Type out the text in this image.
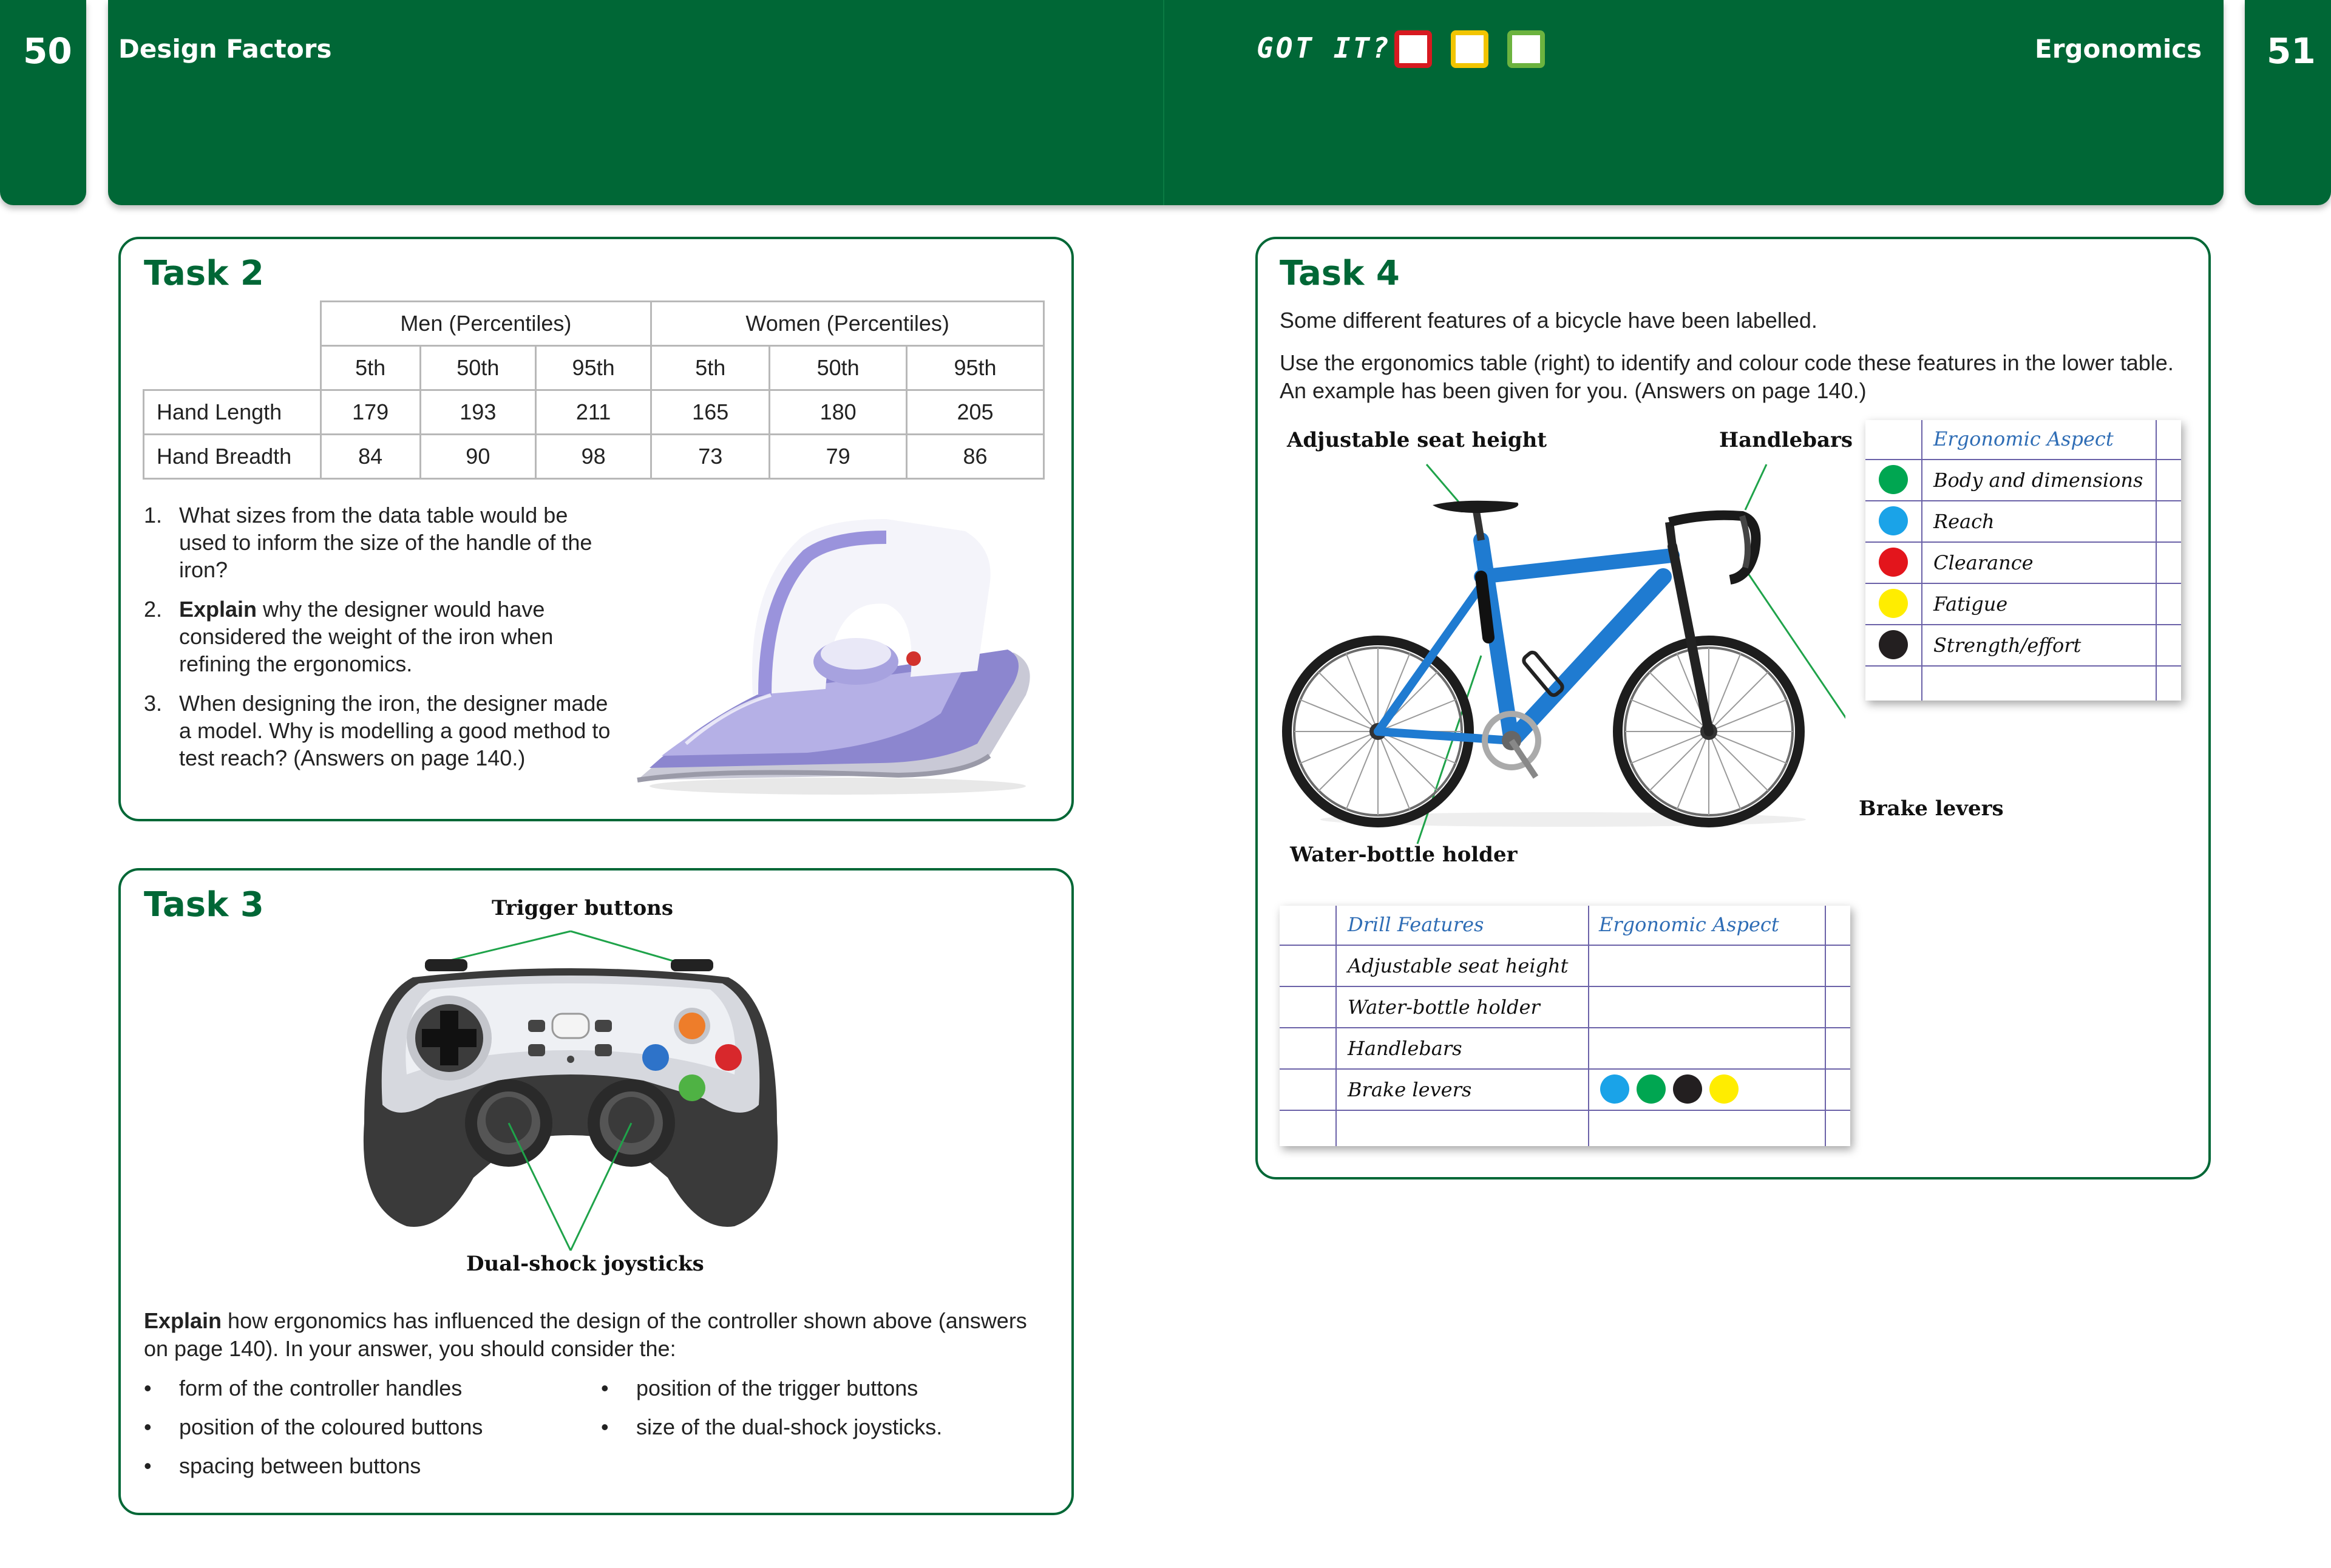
50 Design Factors	GOT IT?	Ergonomics 51
Task 2
	Men (Percentiles)			Women (Percentiles)		
	5th	50th	95th	5th	50th	95th
Hand Length	179	193	211	165	180	205
Hand Breadth	84	90	98	73	79	86
1. What sizes from the data table would be used to inform the size of the handle of the iron?
2. Explain why the designer would have considered the weight of the iron when refining the ergonomics.
3. When designing the iron, the designer made a model. Why is modelling a good method to test reach? (Answers on page 140.)
Task 3	Trigger buttons
Dual-shock joysticks
Explain how ergonomics has influenced the design of the controller shown above (answers on page 140). In your answer, you should consider the:
• form of the controller handles
• position of the coloured buttons
• spacing between buttons
• position of the trigger buttons
• size of the dual-shock joysticks.
Task 4
Some different features of a bicycle have been labelled.
Use the ergonomics table (right) to identify and colour code these features in the lower table. An example has been given for you. (Answers on page 140.)
Adjustable seat height	Handlebars
Brake levers
Water-bottle holder
Ergonomic Aspect
Body and dimensions
Reach
Clearance
Fatigue
Strength/effort
Drill Features	Ergonomic Aspect
Adjustable seat height
Water-bottle holder
Handlebars
Brake levers
